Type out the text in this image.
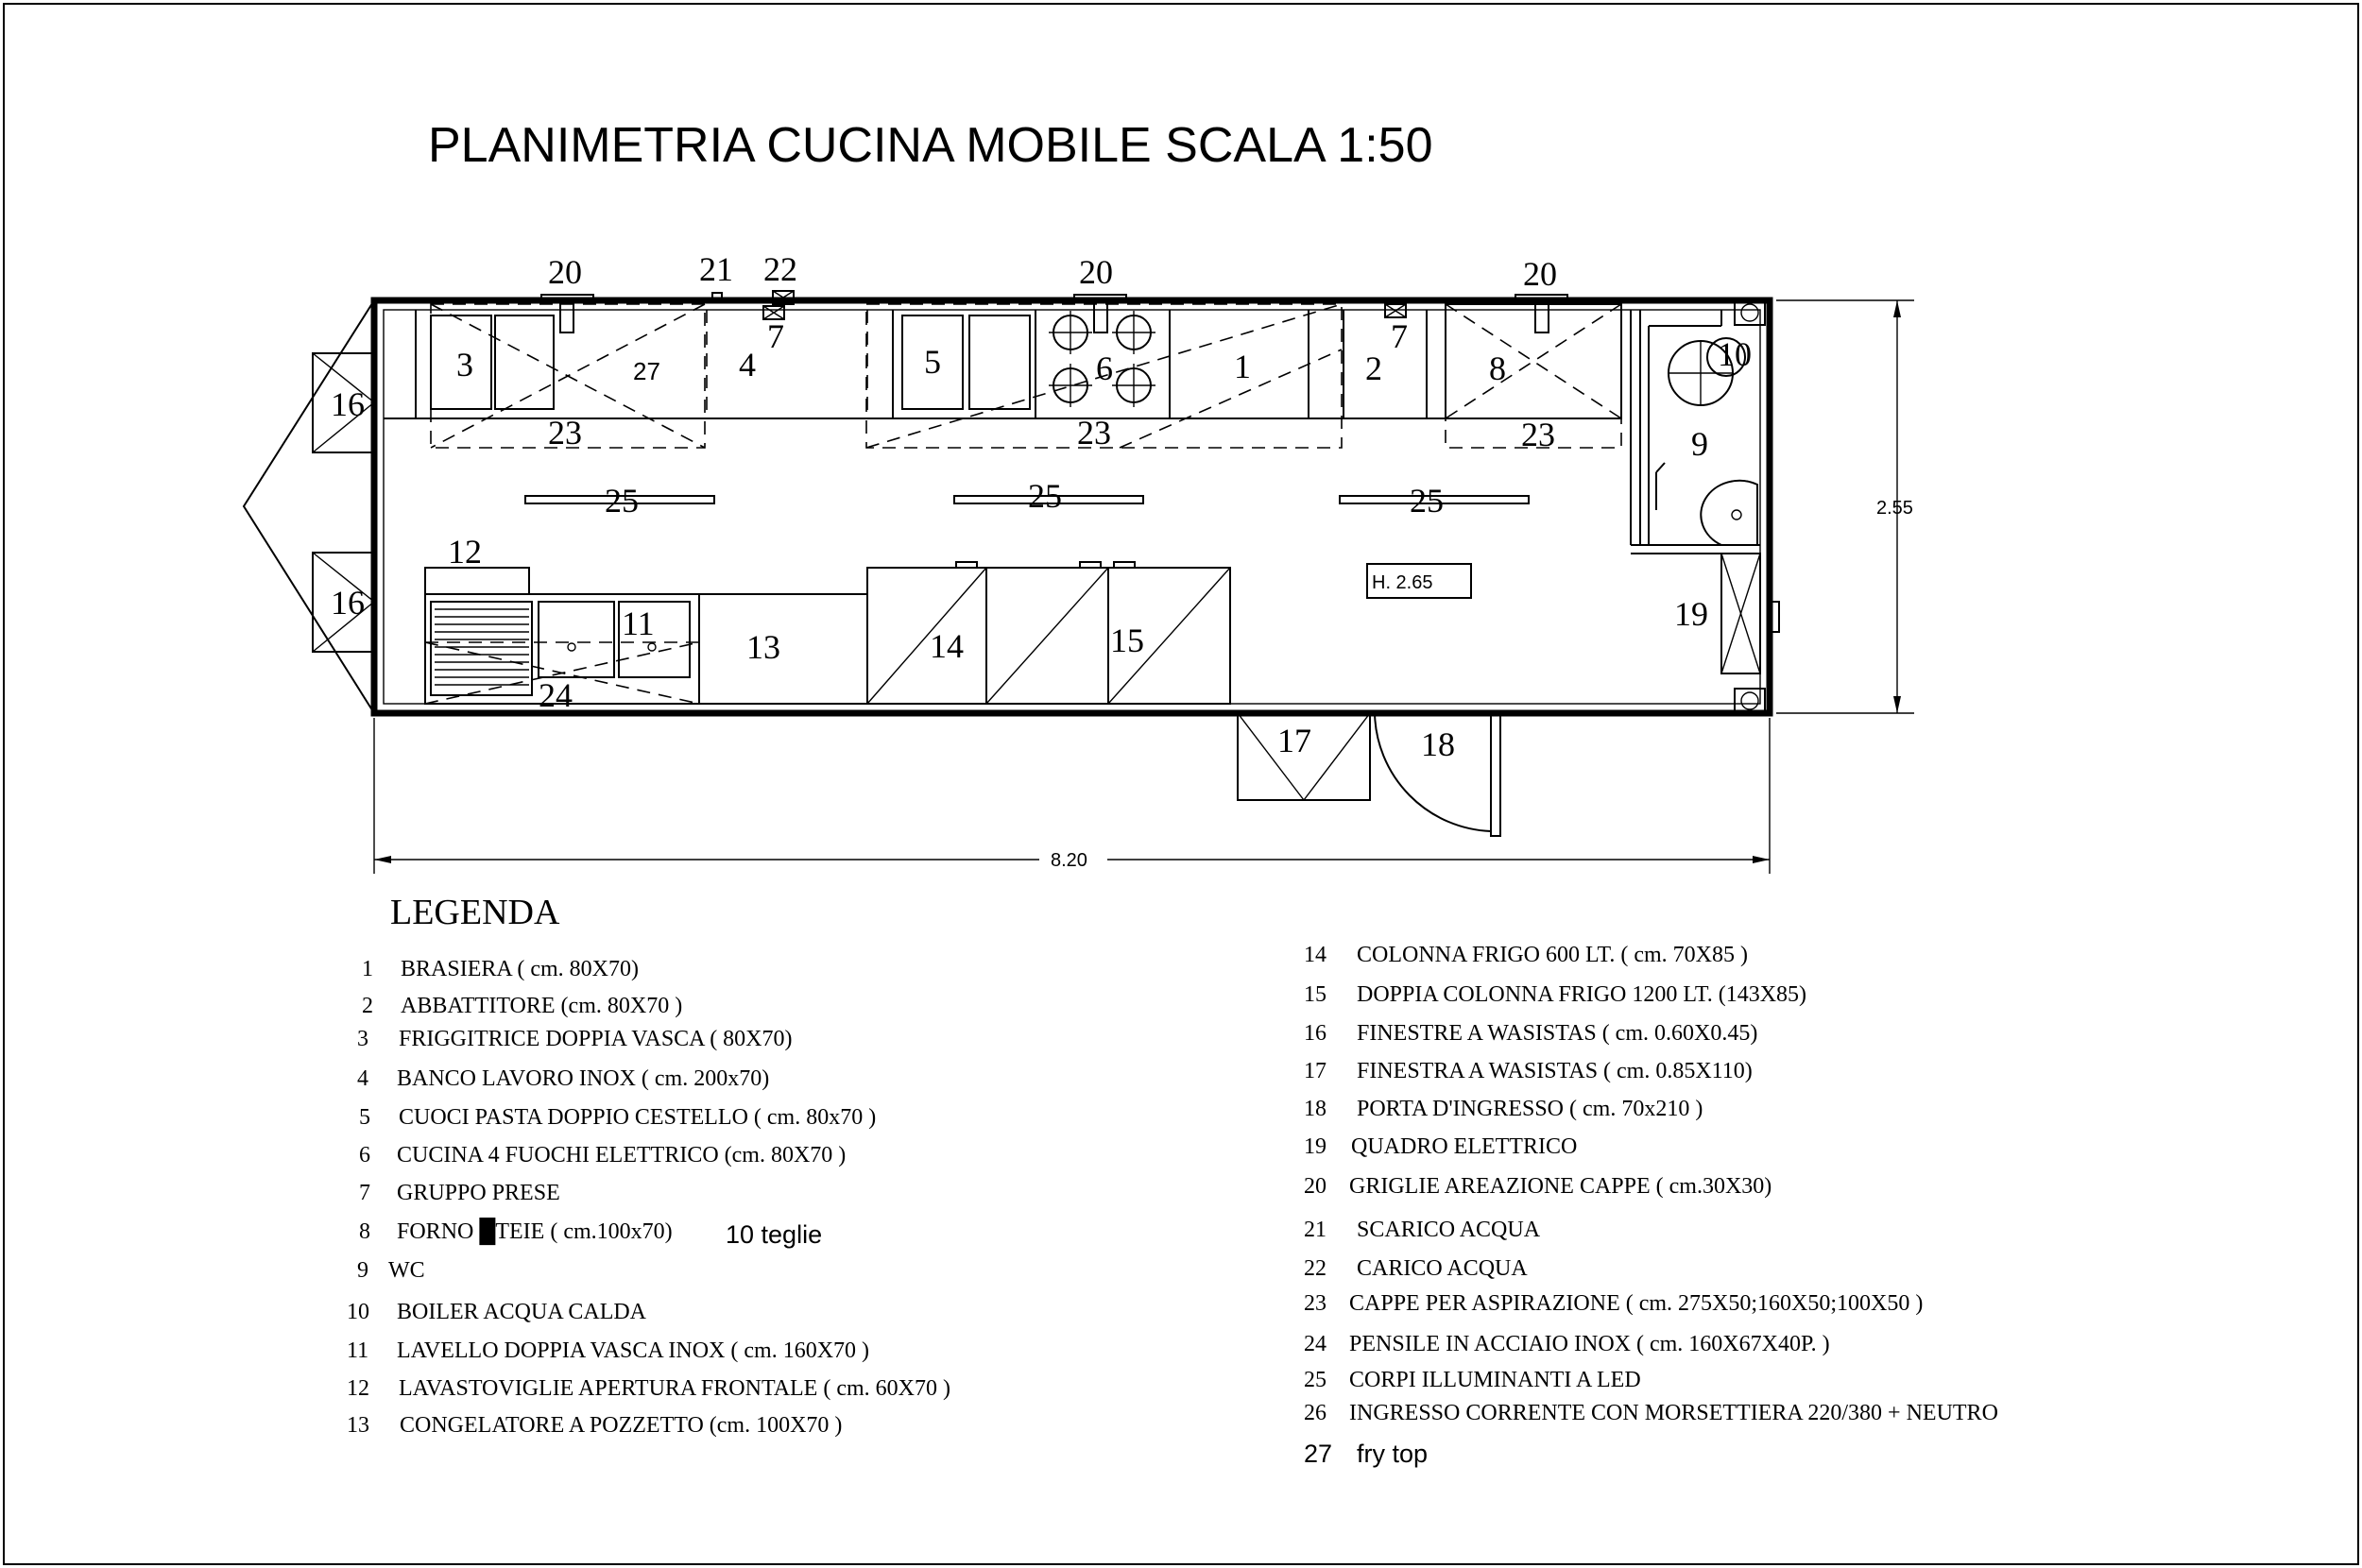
PLANIMETRIA CUCINA MOBILE SCALA 1:50
H. 2.65
8.20
2.55
20	21 22	20	20
3	27 4
7
5	6	1	2
7
8	10
9
23	23	23
25	25	25
16
16
12
11
13	14	15
24
19
17	18
LEGENDA
1 BRASIERA ( cm. 80X70)
2 ABBATTITORE (cm. 80X70 )
3 FRIGGITRICE DOPPIA VASCA ( 80X70)
4 BANCO LAVORO INOX ( cm. 200x70)
5 CUOCI PASTA DOPPIO CESTELLO ( cm. 80x70 )
6 CUCINA 4 FUOCHI ELETTRICO (cm. 80X70 )
7 GRUPPO PRESE
8 FORNO █TEIE ( cm.100x70) 10 teglie
9 WC
10 BOILER ACQUA CALDA
11 LAVELLO DOPPIA VASCA INOX ( cm. 160X70 )
12 LAVASTOVIGLIE APERTURA FRONTALE ( cm. 60X70 )
13 CONGELATORE A POZZETTO (cm. 100X70 )
14 COLONNA FRIGO 600 LT. ( cm. 70X85 )
15 DOPPIA COLONNA FRIGO 1200 LT. (143X85)
16 FINESTRE A WASISTAS ( cm. 0.60X0.45)
17 FINESTRA A WASISTAS ( cm. 0.85X110)
18 PORTA D'INGRESSO ( cm. 70x210 )
19 QUADRO ELETTRICO
20 GRIGLIE AREAZIONE CAPPE ( cm.30X30)
21 SCARICO ACQUA
22 CARICO ACQUA
23 CAPPE PER ASPIRAZIONE ( cm. 275X50;160X50;100X50 )
24 PENSILE IN ACCIAIO INOX ( cm. 160X67X40P. )
25 CORPI ILLUMINANTI A LED
26 INGRESSO CORRENTE CON MORSETTIERA 220/380 + NEUTRO
27 fry top
